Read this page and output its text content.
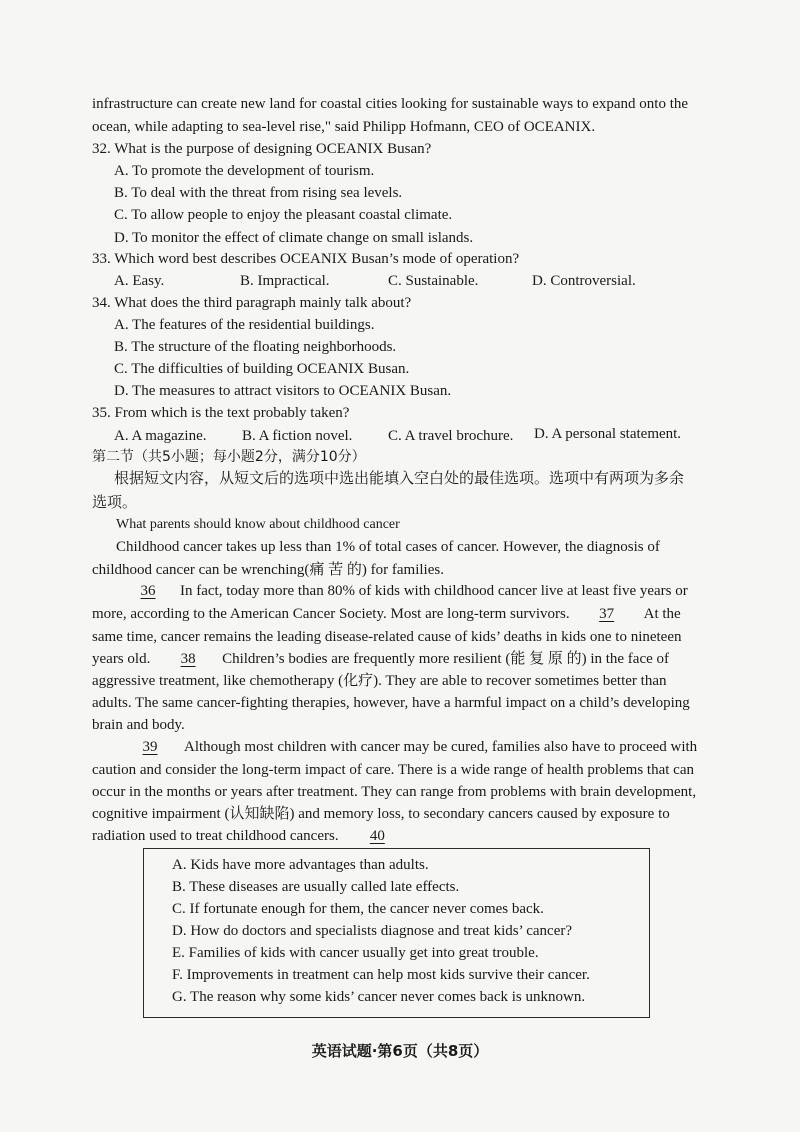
infrastructure can create new land for coastal cities looking for sustainable ways to expand onto the
ocean, while adapting to sea-level rise," said Philipp Hofmann, CEO of OCEANIX.
32. What is the purpose of designing OCEANIX Busan?
A. To promote the development of tourism.
B. To deal with the threat from rising sea levels.
C. To allow people to enjoy the pleasant coastal climate.
D. To monitor the effect of climate change on small islands.
33. Which word best describes OCEANIX Busan’s mode of operation?
A. Easy.	B. Impractical.	C. Sustainable.	D. Controversial.
34. What does the third paragraph mainly talk about?
A. The features of the residential buildings.
B. The structure of the floating neighborhoods.
C. The difficulties of building OCEANIX Busan.
D. The measures to attract visitors to OCEANIX Busan.
35. From which is the text probably taken?
A. A magazine. B. A fiction novel. C. A travel brochure. D. A personal statement.
第二节（共5小题；每小题2分，满分10分）
根据短文内容，从短文后的选项中选出能填入空白处的最佳选项。选项中有两项为多余
选项。
What parents should know about childhood cancer
Childhood cancer takes up less than 1% of total cases of cancer. However, the diagnosis of
childhood cancer can be wrenching(痛 苦 的) for families.
36 In fact, today more than 80% of kids with childhood cancer live at least five years or
more, according to the American Cancer Society. Most are long-term survivors. 37 At the
same time, cancer remains the leading disease-related cause of kids’ deaths in kids one to nineteen
years old. 38 Children’s bodies are frequently more resilient (能 复 原 的) in the face of
aggressive treatment, like chemotherapy (化疗). They are able to recover sometimes better than
adults. The same cancer-fighting therapies, however, have a harmful impact on a child’s developing
brain and body.
39 Although most children with cancer may be cured, families also have to proceed with
caution and consider the long-term impact of care. There is a wide range of health problems that can
occur in the months or years after treatment. They can range from problems with brain development,
cognitive impairment (认知缺陷) and memory loss, to secondary cancers caused by exposure to
radiation used to treat childhood cancers. 40
A. Kids have more advantages than adults.
B. These diseases are usually called late effects.
C. If fortunate enough for them, the cancer never comes back.
D. How do doctors and specialists diagnose and treat kids’ cancer?
E. Families of kids with cancer usually get into great trouble.
F. Improvements in treatment can help most kids survive their cancer.
G. The reason why some kids’ cancer never comes back is unknown.
英语试题·第6页（共8页）
